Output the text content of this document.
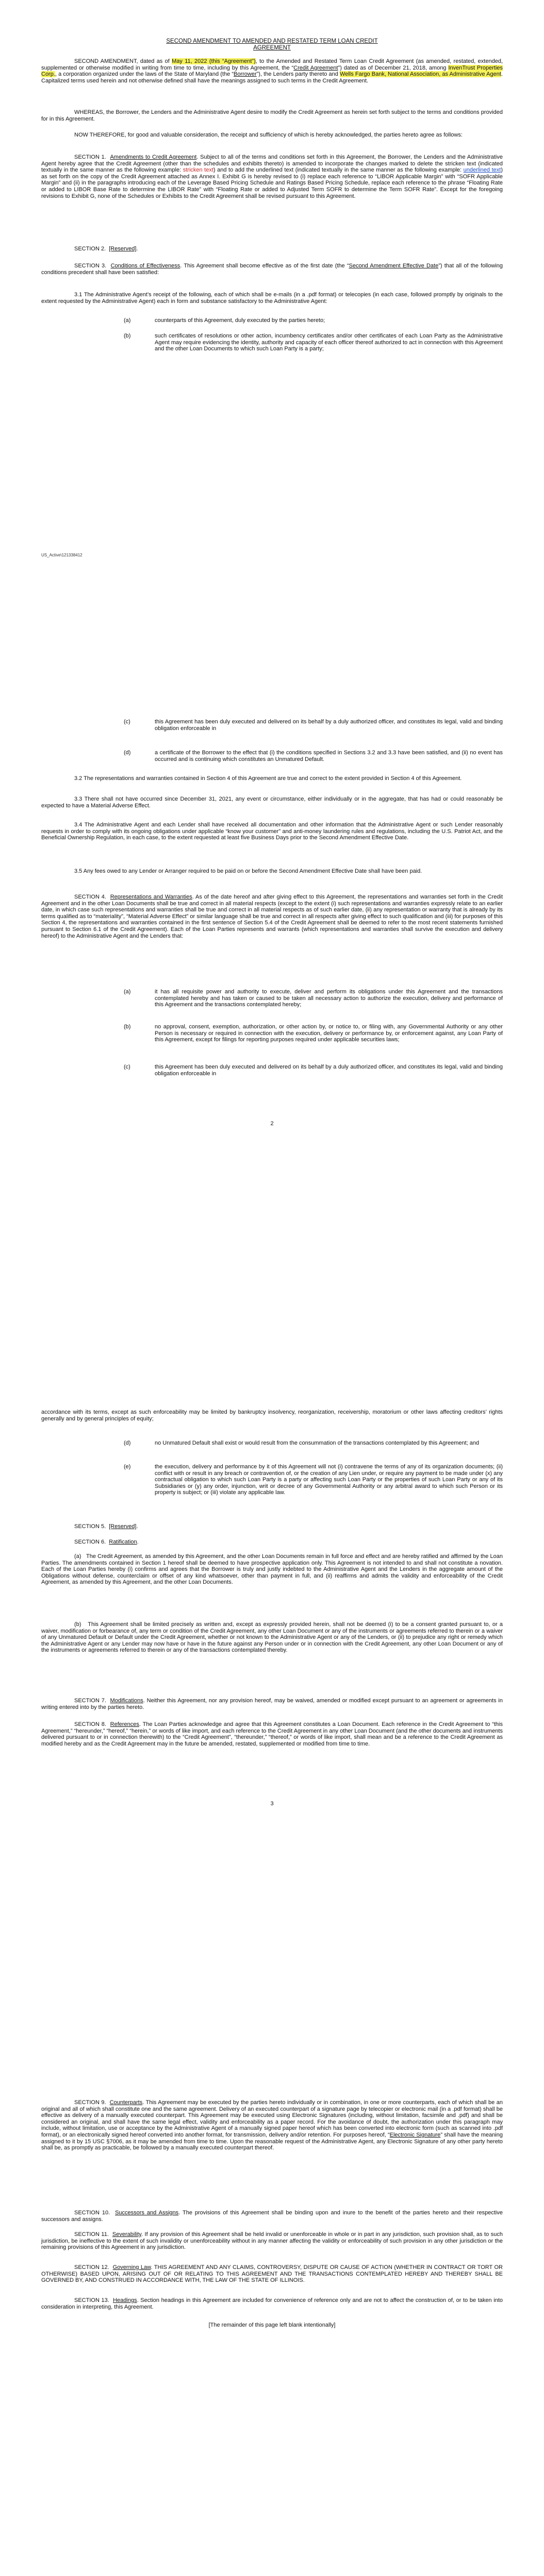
SECOND AMENDMENT TO AMENDED AND RESTATED TERM LOAN CREDIT

AGREEMENT

SECOND AMENDMENT, dated as of May 11, 2022 (this “Agreement”), to the Amended and Restated Term Loan Credit Agreement (as amended, restated, extended, supplemented or otherwise modified in writing from time to time, including by this Agreement, the “Credit Agreement”) dated as of December 21, 2018, among InvenTrust Properties Corp., a corporation organized under the laws of the State of Maryland (the “Borrower”), the Lenders party thereto and Wells Fargo Bank, National Association, as Administrative Agent. Capitalized terms used herein and not otherwise defined shall have the meanings assigned to such terms in the Credit Agreement.

WHEREAS, the Borrower, the Lenders and the Administrative Agent desire to modify the Credit Agreement as herein set forth subject to the terms and conditions provided for in this Agreement.

NOW THEREFORE, for good and valuable consideration, the receipt and sufficiency of which is hereby acknowledged, the parties hereto agree as follows:

SECTION 1. Amendments to Credit Agreement. Subject to all of the terms and conditions set forth in this Agreement, the Borrower, the Lenders and the Administrative Agent hereby agree that the Credit Agreement (other than the schedules and exhibits thereto) is amended to incorporate the changes marked to delete the stricken text (indicated textually in the same manner as the following example: stricken text) and to add the underlined text (indicated textually in the same manner as the following example: underlined text) as set forth on the copy of the Credit Agreement attached as Annex I. Exhibit G is hereby revised to (i) replace each reference to “LIBOR Applicable Margin” with “SOFR Applicable Margin” and (ii) in the paragraphs introducing each of the Leverage Based Pricing Schedule and Ratings Based Pricing Schedule, replace each reference to the phrase “Floating Rate or added to LIBOR Base Rate to determine the LIBOR Rate” with “Floating Rate or added to Adjusted Term SOFR to determine the Term SOFR Rate”. Except for the foregoing revisions to Exhibit G, none of the Schedules or Exhibits to the Credit Agreement shall be revised pursuant to this Agreement.

SECTION 2. [Reserved].

SECTION 3. Conditions of Effectiveness. This Agreement shall become effective as of the first date (the “Second Amendment Effective Date”) that all of the following conditions precedent shall have been satisfied:

3.1 The Administrative Agent’s receipt of the following, each of which shall be e-mails (in a .pdf format) or telecopies (in each case, followed promptly by originals to the extent requested by the Administrative Agent) each in form and substance satisfactory to the Administrative Agent:

(a)	counterparts of this Agreement, duly executed by the parties hereto;
(b)	such certificates of resolutions or other action, incumbency certificates and/or other certificates of each Loan Party as the Administrative Agent may require evidencing the identity, authority and capacity of each officer thereof authorized to act in connection with this Agreement and the other Loan Documents to which such Loan Party is a party;
US_Active\121338412
(c)	this Agreement has been duly executed and delivered on its behalf by a duly authorized officer, and constitutes its legal, valid and binding obligation enforceable in
(d)	a certificate of the Borrower to the effect that (i) the conditions specified in Sections 3.2 and 3.3 have been satisfied, and (ii) no event has occurred and is continuing which constitutes an Unmatured Default.

3.2 The representations and warranties contained in Section 4 of this Agreement are true and correct to the extent provided in Section 4 of this Agreement.

3.3 There shall not have occurred since December 31, 2021, any event or circumstance, either individually or in the aggregate, that has had or could reasonably be expected to have a Material Adverse Effect.

3.4 The Administrative Agent and each Lender shall have received all documentation and other information that the Administrative Agent or such Lender reasonably requests in order to comply with its ongoing obligations under applicable “know your customer” and anti-money laundering rules and regulations, including the U.S. Patriot Act, and the Beneficial Ownership Regulation, in each case, to the extent requested at least five Business Days prior to the Second Amendment Effective Date.

3.5 Any fees owed to any Lender or Arranger required to be paid on or before the Second Amendment Effective Date shall have been paid.

SECTION 4. Representations and Warranties. As of the date hereof and after giving effect to this Agreement, the representations and warranties set forth in the Credit Agreement and in the other Loan Documents shall be true and correct in all material respects (except to the extent (i) such representations and warranties expressly relate to an earlier date, in which case such representations and warranties shall be true and correct in all material respects as of such earlier date, (ii) any representation or warranty that is already by its terms qualified as to “materiality”, “Material Adverse Effect” or similar language shall be true and correct in all respects after giving effect to such qualification and (iii) for purposes of this Section 4, the representations and warranties contained in the first sentence of Section 5.4 of the Credit Agreement shall be deemed to refer to the most recent statements furnished pursuant to Section 6.1 of the Credit Agreement). Each of the Loan Parties represents and warrants (which representations and warranties shall survive the execution and delivery hereof) to the Administrative Agent and the Lenders that:

(a)	it has all requisite power and authority to execute, deliver and perform its obligations under this Agreement and the transactions contemplated hereby and has taken or caused to be taken all necessary action to authorize the execution, delivery and performance of this Agreement and the transactions contemplated hereby;
(b)	no approval, consent, exemption, authorization, or other action by, or notice to, or filing with, any Governmental Authority or any other Person is necessary or required in connection with the execution, delivery or performance by, or enforcement against, any Loan Party of this Agreement, except for filings for reporting purposes required under applicable securities laws;
(c)	this Agreement has been duly executed and delivered on its behalf by a duly authorized officer, and constitutes its legal, valid and binding obligation enforceable in
2

accordance with its terms, except as such enforceability may be limited by bankruptcy insolvency, reorganization, receivership, moratorium or other laws affecting creditors’ rights generally and by general principles of equity;

(d)	no Unmatured Default shall exist or would result from the consummation of the transactions contemplated by this Agreement; and
(e)	the execution, delivery and performance by it of this Agreement will not (i) contravene the terms of any of its organization documents; (ii) conflict with or result in any breach or contravention of, or the creation of any Lien under, or require any payment to be made under (x) any contractual obligation to which such Loan Party is a party or affecting such Loan Party or the properties of such Loan Party or any of its Subsidiaries or (y) any order, injunction, writ or decree of any Governmental Authority or any arbitral award to which such Person or its property is subject; or (iii) violate any applicable law.

SECTION 5. [Reserved].

SECTION 6. Ratification.

(a) The Credit Agreement, as amended by this Agreement, and the other Loan Documents remain in full force and effect and are hereby ratified and affirmed by the Loan Parties. The amendments contained in Section 1 hereof shall be deemed to have prospective application only. This Agreement is not intended to and shall not constitute a novation. Each of the Loan Parties hereby (i) confirms and agrees that the Borrower is truly and justly indebted to the Administrative Agent and the Lenders in the aggregate amount of the Obligations without defense, counterclaim or offset of any kind whatsoever, other than payment in full, and (ii) reaffirms and admits the validity and enforceability of the Credit Agreement, as amended by this Agreement, and the other Loan Documents.

(b) This Agreement shall be limited precisely as written and, except as expressly provided herein, shall not be deemed (i) to be a consent granted pursuant to, or a waiver, modification or forbearance of, any term or condition of the Credit Agreement, any other Loan Document or any of the instruments or agreements referred to therein or a waiver of any Unmatured Default or Default under the Credit Agreement, whether or not known to the Administrative Agent or any of the Lenders, or (ii) to prejudice any right or remedy which the Administrative Agent or any Lender may now have or have in the future against any Person under or in connection with the Credit Agreement, any other Loan Document or any of the instruments or agreements referred to therein or any of the transactions contemplated thereby.

SECTION 7. Modifications. Neither this Agreement, nor any provision hereof, may be waived, amended or modified except pursuant to an agreement or agreements in writing entered into by the parties hereto.

SECTION 8. References. The Loan Parties acknowledge and agree that this Agreement constitutes a Loan Document. Each reference in the Credit Agreement to “this Agreement,” “hereunder,” “hereof,” “herein,” or words of like import, and each reference to the Credit Agreement in any other Loan Document (and the other documents and instruments delivered pursuant to or in connection therewith) to the “Credit Agreement”, “thereunder,” “thereof,” or words of like import, shall mean and be a reference to the Credit Agreement as modified hereby and as the Credit Agreement may in the future be amended, restated, supplemented or modified from time to time.

3

SECTION 9. Counterparts. This Agreement may be executed by the parties hereto individually or in combination, in one or more counterparts, each of which shall be an original and all of which shall constitute one and the same agreement. Delivery of an executed counterpart of a signature page by telecopier or electronic mail (in a .pdf format) shall be effective as delivery of a manually executed counterpart. This Agreement may be executed using Electronic Signatures (including, without limitation, facsimile and .pdf) and shall be considered an original, and shall have the same legal effect, validity and enforceability as a paper record. For the avoidance of doubt, the authorization under this paragraph may include, without limitation, use or acceptance by the Administrative Agent of a manually signed paper hereof which has been converted into electronic form (such as scanned into .pdf format), or an electronically signed hereof converted into another format, for transmission, delivery and/or retention. For purposes hereof, “Electronic Signature” shall have the meaning assigned to it by 15 USC §7006, as it may be amended from time to time. Upon the reasonable request of the Administrative Agent, any Electronic Signature of any other party hereto shall be, as promptly as practicable, be followed by a manually executed counterpart thereof.

SECTION 10. Successors and Assigns. The provisions of this Agreement shall be binding upon and inure to the benefit of the parties hereto and their respective successors and assigns.

SECTION 11. Severability. If any provision of this Agreement shall be held invalid or unenforceable in whole or in part in any jurisdiction, such provision shall, as to such jurisdiction, be ineffective to the extent of such invalidity or unenforceability without in any manner affecting the validity or enforceability of such provision in any other jurisdiction or the remaining provisions of this Agreement in any jurisdiction.

SECTION 12. Governing Law. THIS AGREEMENT AND ANY CLAIMS, CONTROVERSY, DISPUTE OR CAUSE OF ACTION (WHETHER IN CONTRACT OR TORT OR OTHERWISE) BASED UPON, ARISING OUT OF OR RELATING TO THIS AGREEMENT AND THE TRANSACTIONS CONTEMPLATED HEREBY AND THEREBY SHALL BE GOVERNED BY, AND CONSTRUED IN ACCORDANCE WITH, THE LAW OF THE STATE OF ILLINOIS.

SECTION 13. Headings. Section headings in this Agreement are included for convenience of reference only and are not to affect the construction of, or to be taken into consideration in interpreting, this Agreement.

[The remainder of this page left blank intentionally]
